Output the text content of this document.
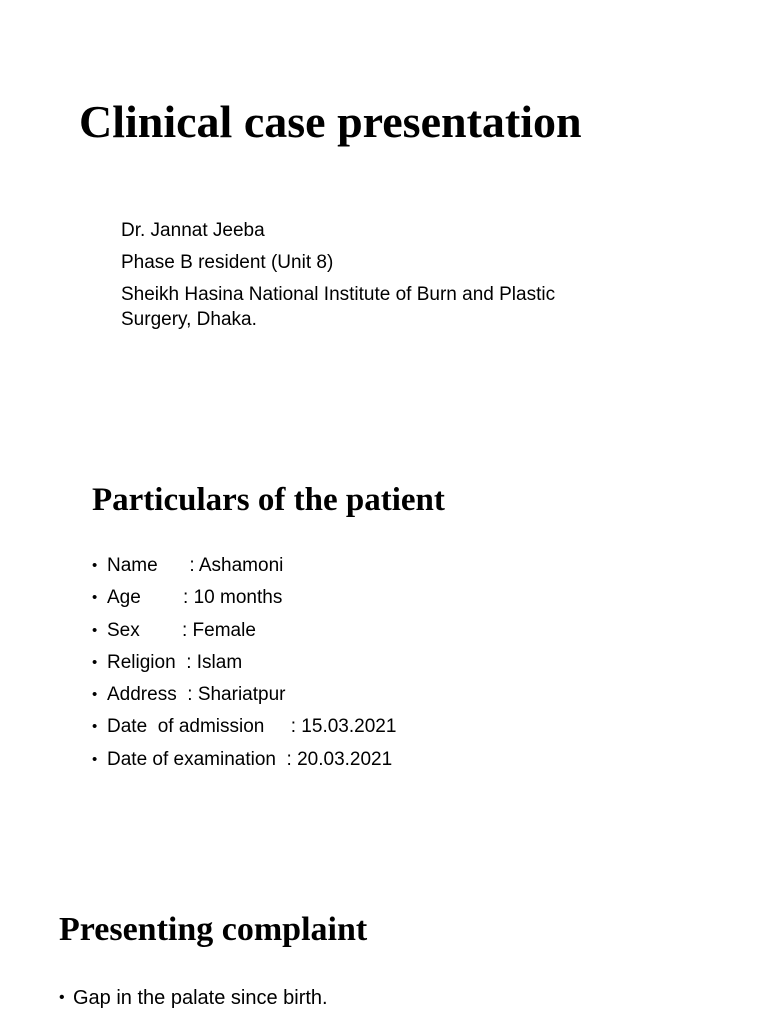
Clinical case presentation
Dr. Jannat Jeeba
Phase B resident (Unit 8)
Sheikh Hasina National Institute of Burn and Plastic
Surgery, Dhaka.
Particulars of the patient
• Name      : Ashamoni
• Age        : 10 months
• Sex        : Female
• Religion  : Islam
• Address  : Shariatpur
• Date  of admission     : 15.03.2021
• Date of examination  : 20.03.2021
Presenting complaint
• Gap in the palate since birth.
